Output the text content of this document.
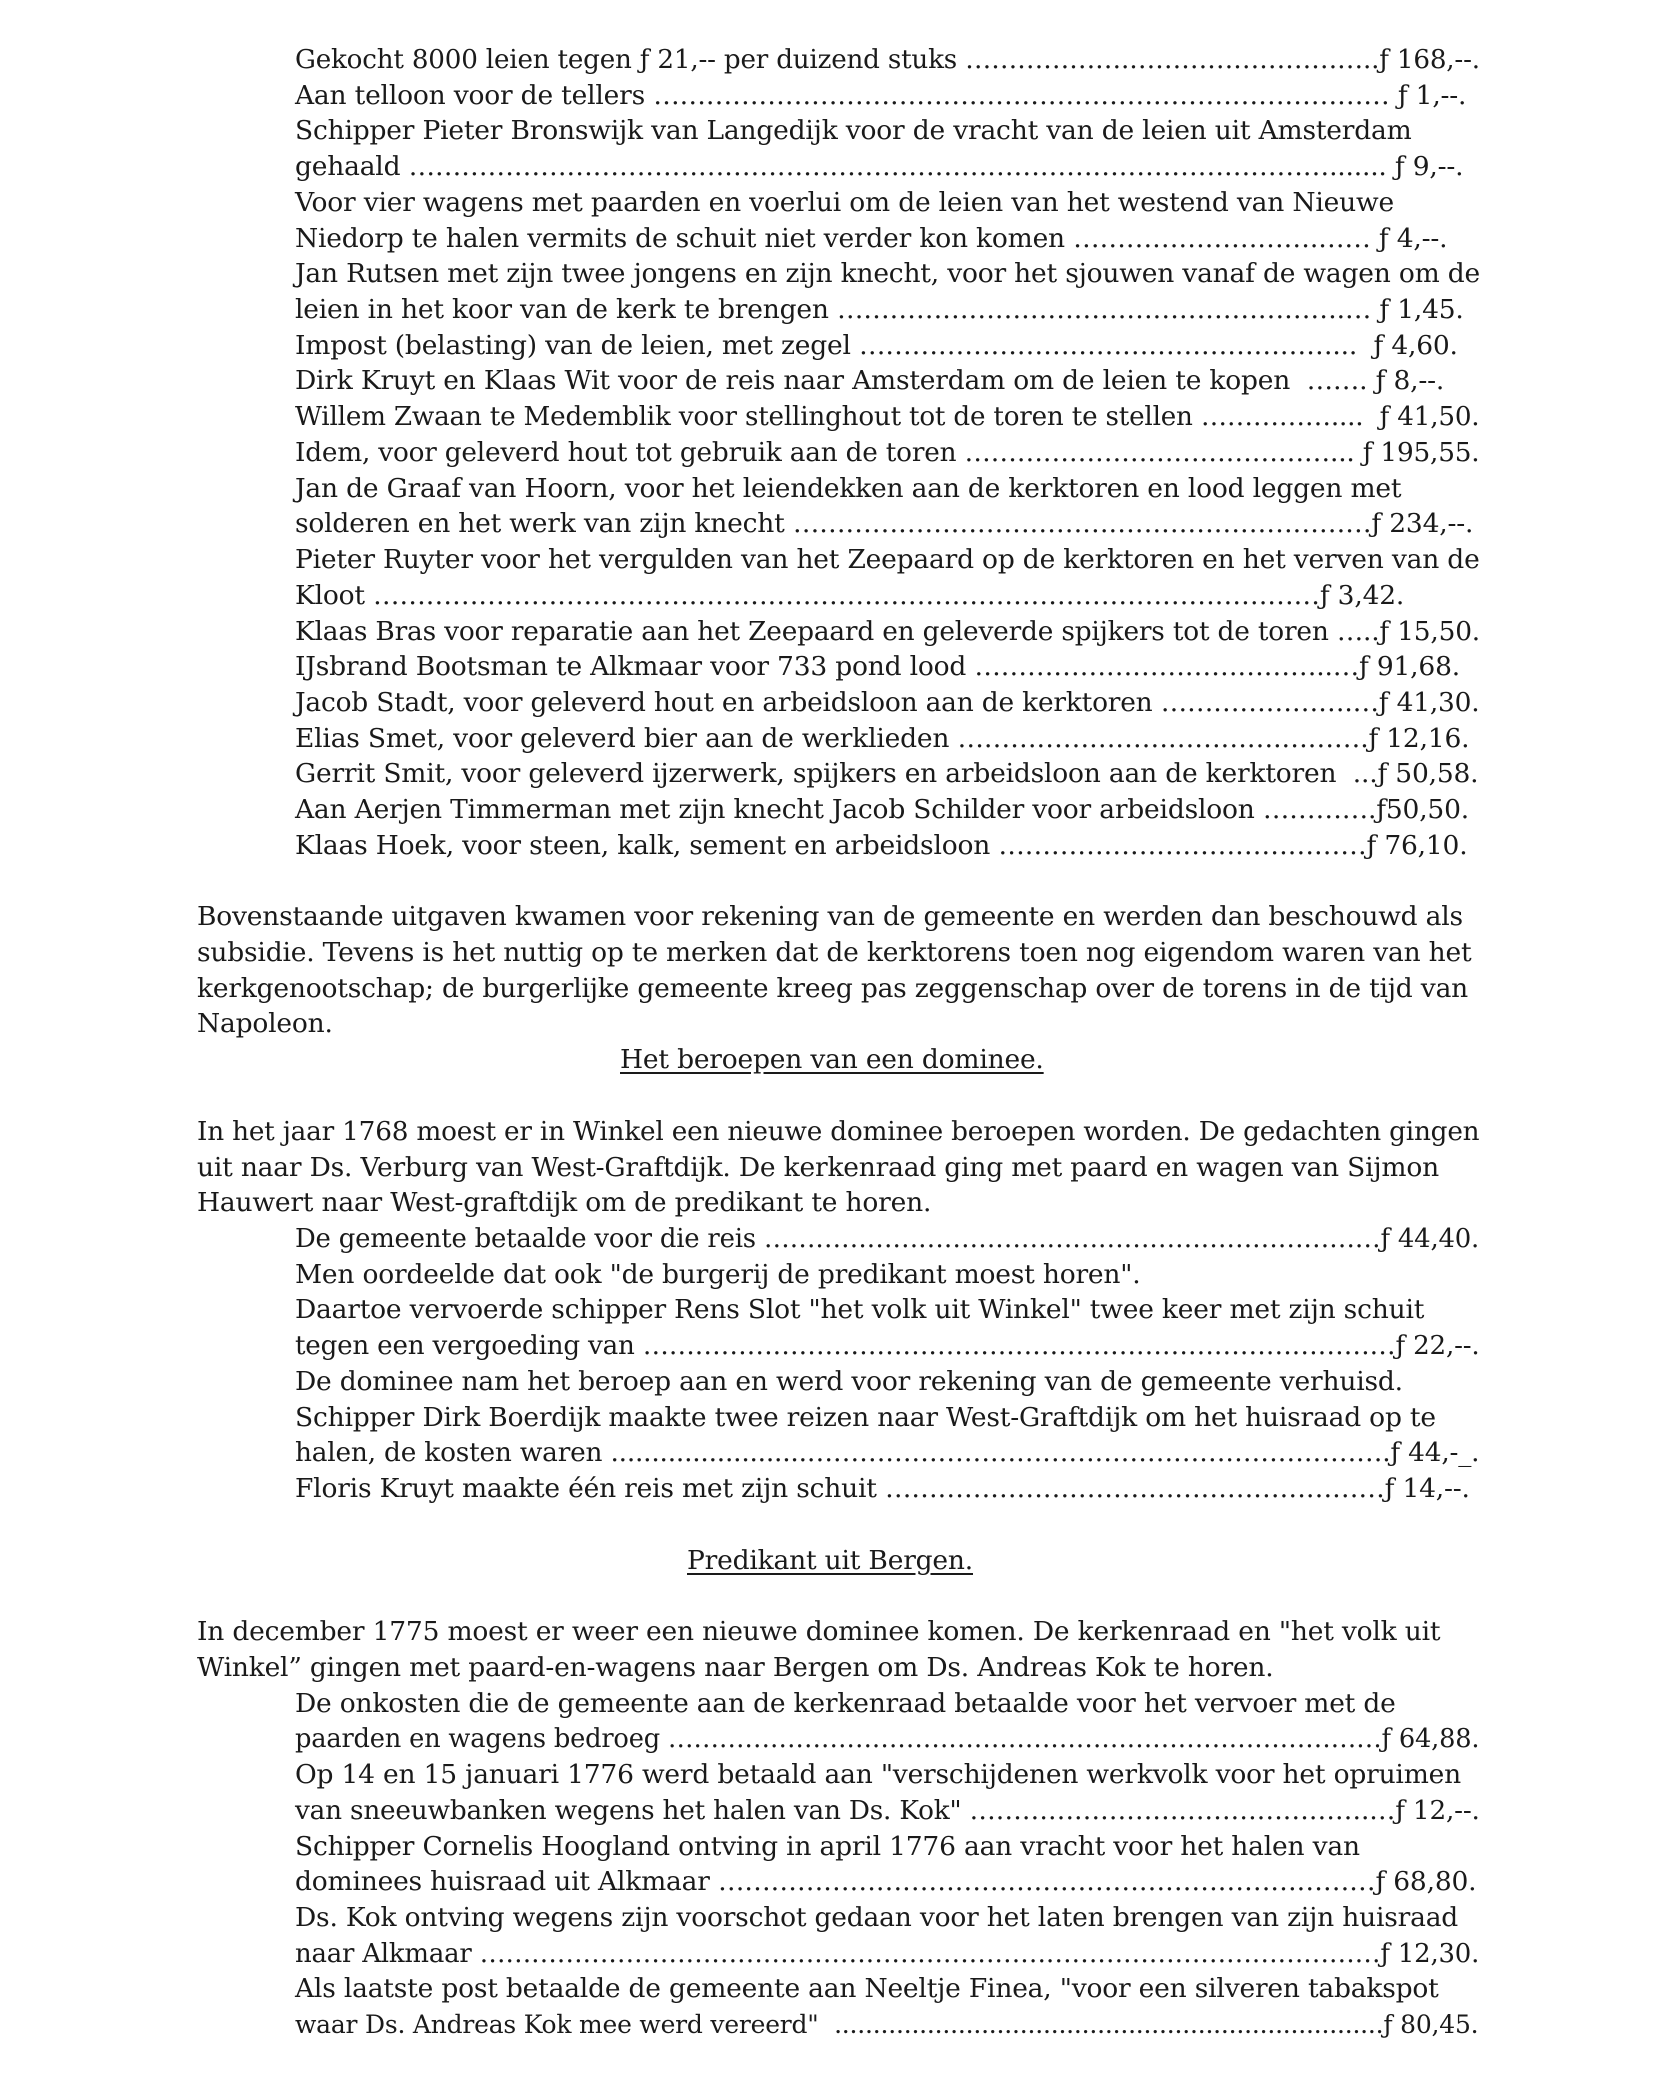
Gekocht 8000 leien tegen ƒ 21,-- per duizend stuks ……………….………………………..ƒ 168,--.
Aan telloon voor de tellers ………………………………………………………………………… ƒ 1,--.
Schipper Pieter Bronswijk van Langedijk voor de vracht van de leien uit Amsterdam
gehaald ……………………………………………………………………………………………....... ƒ 9,--.
Voor vier wagens met paarden en voerlui om de leien van het westend van Nieuwe
Niedorp te halen vermits de schuit niet verder kon komen ……………………….…… ƒ 4,--.
Jan Rutsen met zijn twee jongens en zijn knecht, voor het sjouwen vanaf de wagen om de
leien in het koor van de kerk te brengen ………………………………………………….… ƒ 1,45.
Impost (belasting) van de leien, met zegel ………………………………………………...  ƒ 4,60.
Dirk Kruyt en Klaas Wit voor de reis naar Amsterdam om de leien te kopen  ……. ƒ 8,--.
Willem Zwaan te Medemblik voor stellinghout tot de toren te stellen ……………....  ƒ 41,50.
Idem, voor geleverd hout tot gebruik aan de toren ……………………………………... ƒ 195,55.
Jan de Graaf van Hoorn, voor het leiendekken aan de kerktoren en lood leggen met
solderen en het werk van zijn knecht …………………………………………………………ƒ 234,--.
Pieter Ruyter voor het vergulden van het Zeepaard op de kerktoren en het verven van de
Kloot ………………………………………………………………………………………………ƒ 3,42.
Klaas Bras voor reparatie aan het Zeepaard en geleverde spijkers tot de toren …..ƒ 15,50.
IJsbrand Bootsman te Alkmaar voor 733 pond lood …………………………………..…ƒ 91,68.
Jacob Stadt, voor geleverd hout en arbeidsloon aan de kerktoren ………………….…ƒ 41,30.
Elias Smet, voor geleverd bier aan de werklieden ……………………………….……….ƒ 12,16.
Gerrit Smit, voor geleverd ijzerwerk, spijkers en arbeidsloon aan de kerktoren  ...ƒ 50,58.
Aan Aerjen Timmerman met zijn knecht Jacob Schilder voor arbeidsloon ………….ƒ50,50.
Klaas Hoek, voor steen, kalk, sement en arbeidsloon ……………………………………ƒ 76,10.
Bovenstaande uitgaven kwamen voor rekening van de gemeente en werden dan beschouwd als
subsidie. Tevens is het nuttig op te merken dat de kerktorens toen nog eigendom waren van het
kerkgenootschap; de burgerlijke gemeente kreeg pas zeggenschap over de torens in de tijd van
Napoleon.
Het beroepen van een dominee.
In het jaar 1768 moest er in Winkel een nieuwe dominee beroepen worden. De gedachten gingen
uit naar Ds. Verburg van West-Graftdijk. De kerkenraad ging met paard en wagen van Sijmon
Hauwert naar West-graftdijk om de predikant te horen.
De gemeente betaalde voor die reis ………………………………………………………………ƒ 44,40.
Men oordeelde dat ook "de burgerij de predikant moest horen".
Daartoe vervoerde schipper Rens Slot "het volk uit Winkel" twee keer met zijn schuit
tegen een vergoeding van ……………………………………………………………………………ƒ 22,--.
De dominee nam het beroep aan en werd voor rekening van de gemeente verhuisd.
Schipper Dirk Boerdijk maakte twee reizen naar West-Graftdijk om het huisraad op te
halen, de kosten waren ........................………………………………………………………….ƒ 44,-_.
Floris Kruyt maakte één reis met zijn schuit …………………………………………………ƒ 14,--.
Predikant uit Bergen.
In december 1775 moest er weer een nieuwe dominee komen. De kerkenraad en "het volk uit
Winkel” gingen met paard-en-wagens naar Bergen om Ds. Andreas Kok te horen.
De onkosten die de gemeente aan de kerkenraad betaalde voor het vervoer met de
paarden en wagens bedroeg …………………………………………………………………………ƒ 64,88.
Op 14 en 15 januari 1776 werd betaald aan "verschijdenen werkvolk voor het opruimen
van sneeuwbanken wegens het halen van Ds. Kok" ……………………………………….…ƒ 12,--.
Schipper Cornelis Hoogland ontving in april 1776 aan vracht voor het halen van
dominees huisraad uit Alkmaar …………………………………………………………………ƒ 68,80.
Ds. Kok ontving wegens zijn voorschot gedaan voor het laten brengen van zijn huisraad
naar Alkmaar ……………………………………………………………………………………………ƒ 12,30.
Als laatste post betaalde de gemeente aan Neeltje Finea, "voor een silveren tabakspot
waar Ds. Andreas Kok mee werd vereerd"  .......................................................................ƒ 80,45.
